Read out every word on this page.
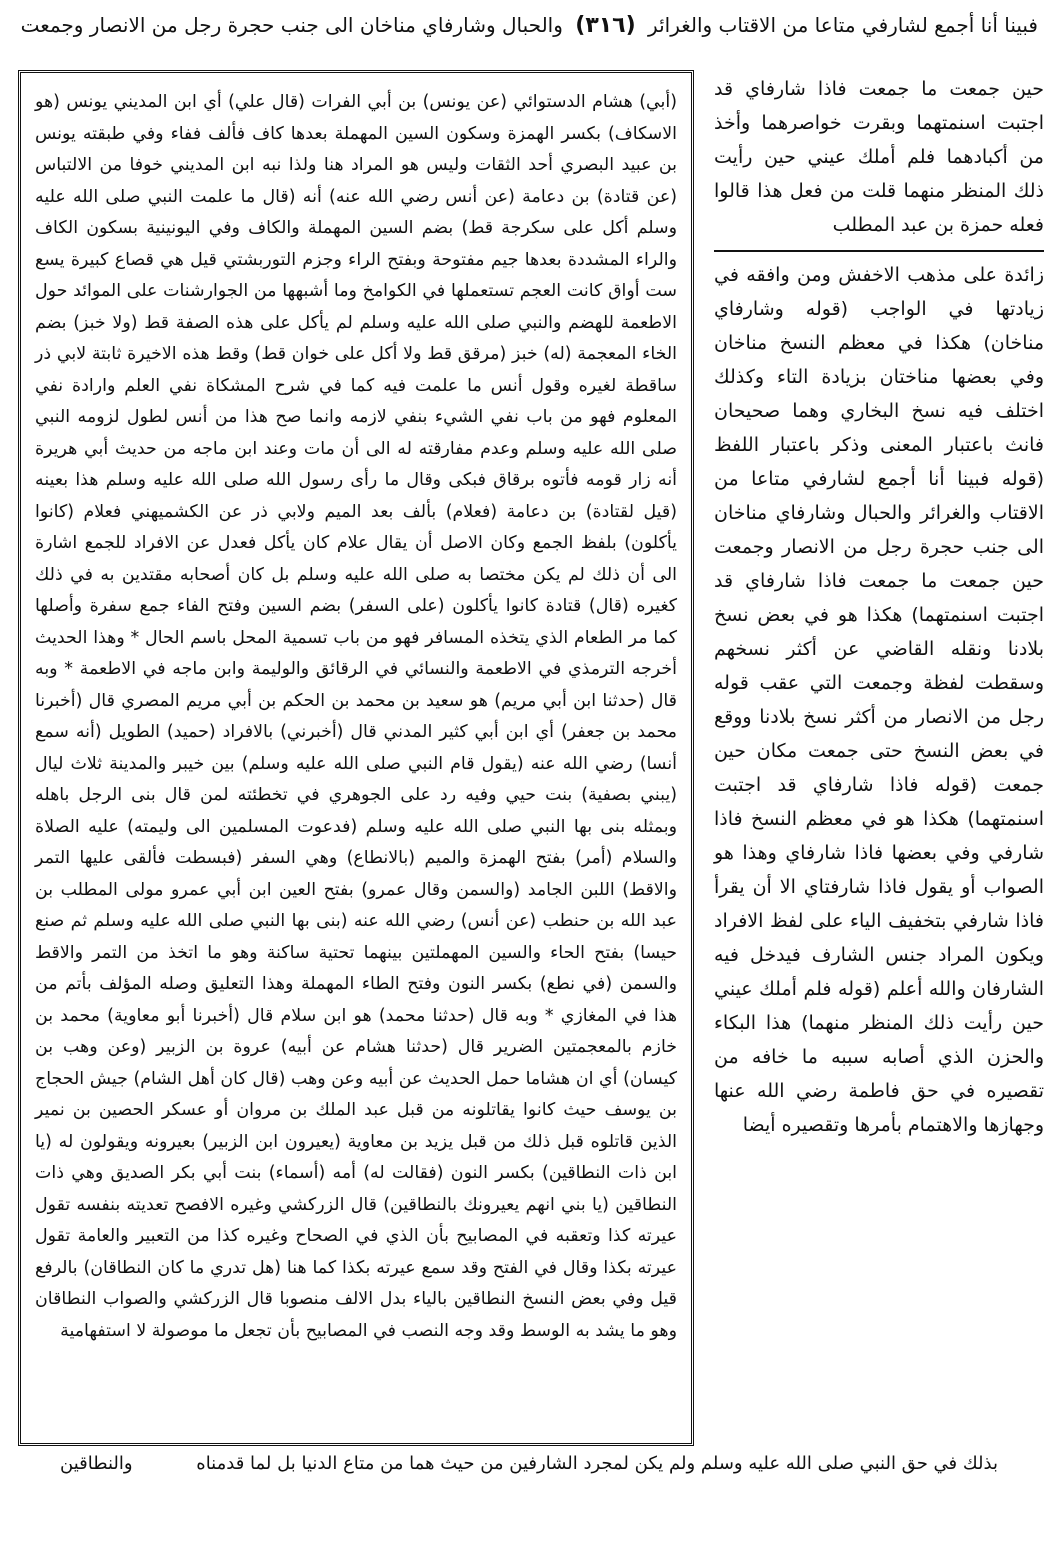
فبينا أنا أجمع لشارفي متاعا من الاقتاب والغرائر (٣١٦) والحبال وشارفاي مناخان الى جنب حجرة رجل من الانصار وجمعت

حين جمعت ما جمعت فاذا شارفاي قد اجتبت اسنمتهما وبقرت خواصرهما وأخذ من أكبادهما فلم أملك عيني حين رأيت ذلك المنظر منهما قلت من فعل هذا قالوا فعله حمزة بن عبد المطلب

زائدة على مذهب الاخفش ومن وافقه في زيادتها في الواجب (قوله وشارفاي مناخان) هكذا في معظم النسخ مناخان وفي بعضها مناختان بزيادة التاء وكذلك اختلف فيه نسخ البخاري وهما صحيحان فانث باعتبار المعنى وذكر باعتبار اللفظ (قوله فبينا أنا أجمع لشارفي متاعا من الاقتاب والغرائر والحبال وشارفاي مناخان الى جنب حجرة رجل من الانصار وجمعت حين جمعت ما جمعت فاذا شارفاي قد اجتبت اسنمتهما) هكذا هو في بعض نسخ بلادنا ونقله القاضي عن أكثر نسخهم وسقطت لفظة وجمعت التي عقب قوله رجل من الانصار من أكثر نسخ بلادنا ووقع في بعض النسخ حتى جمعت مكان حين جمعت (قوله فاذا شارفاي قد اجتبت اسنمتهما) هكذا هو في معظم النسخ فاذا شارفي وفي بعضها فاذا شارفاي وهذا هو الصواب أو يقول فاذا شارفتاي الا أن يقرأ فاذا شارفي بتخفيف الياء على لفظ الافراد ويكون المراد جنس الشارف فيدخل فيه الشارفان والله أعلم (قوله فلم أملك عيني حين رأيت ذلك المنظر منهما) هذا البكاء والحزن الذي أصابه سببه ما خافه من تقصيره في حق فاطمة رضي الله عنها وجهازها والاهتمام بأمرها وتقصيره أيضا

(أبي) هشام الدستوائي (عن يونس) بن أبي الفرات (قال علي) أي ابن المديني يونس (هو الاسكاف) بكسر الهمزة وسكون السين المهملة بعدها كاف فألف ففاء وفي طبقته يونس بن عبيد البصري أحد الثقات وليس هو المراد هنا ولذا نبه ابن المديني خوفا من الالتباس (عن قتادة) بن دعامة (عن أنس رضي الله عنه) أنه (قال ما علمت النبي صلى الله عليه وسلم أكل على سكرجة قط) بضم السين المهملة والكاف وفي اليونينية بسكون الكاف والراء المشددة بعدها جيم مفتوحة وبفتح الراء وجزم التوربشتي قيل هي قصاع كبيرة يسع ست أواق كانت العجم تستعملها في الكوامخ وما أشبهها من الجوارشنات على الموائد حول الاطعمة للهضم والنبي صلى الله عليه وسلم لم يأكل على هذه الصفة قط (ولا خبز) بضم الخاء المعجمة (له) خبز (مرقق قط ولا أكل على خوان قط) وقط هذه الاخيرة ثابتة لابي ذر ساقطة لغيره وقول أنس ما علمت فيه كما في شرح المشكاة نفي العلم وارادة نفي المعلوم فهو من باب نفي الشيء بنفي لازمه وانما صح هذا من أنس لطول لزومه النبي صلى الله عليه وسلم وعدم مفارقته له الى أن مات وعند ابن ماجه من حديث أبي هريرة أنه زار قومه فأتوه برقاق فبكى وقال ما رأى رسول الله صلى الله عليه وسلم هذا بعينه (قيل لقتادة) بن دعامة (فعلام) بألف بعد الميم ولابي ذر عن الكشميهني فعلام (كانوا يأكلون) بلفظ الجمع وكان الاصل أن يقال علام كان يأكل فعدل عن الافراد للجمع اشارة الى أن ذلك لم يكن مختصا به صلى الله عليه وسلم بل كان أصحابه مقتدين به في ذلك كغيره (قال) قتادة كانوا يأكلون (على السفر) بضم السين وفتح الفاء جمع سفرة وأصلها كما مر الطعام الذي يتخذه المسافر فهو من باب تسمية المحل باسم الحال * وهذا الحديث أخرجه الترمذي في الاطعمة والنسائي في الرقائق والوليمة وابن ماجه في الاطعمة * وبه قال (حدثنا ابن أبي مريم) هو سعيد بن محمد بن الحكم بن أبي مريم المصري قال (أخبرنا محمد بن جعفر) أي ابن أبي كثير المدني قال (أخبرني) بالافراد (حميد) الطويل (أنه سمع أنسا) رضي الله عنه (يقول قام النبي صلى الله عليه وسلم) بين خيبر والمدينة ثلاث ليال (يبني بصفية) بنت حيي وفيه رد على الجوهري في تخطئته لمن قال بنى الرجل باهله وبمثله بنى بها النبي صلى الله عليه وسلم (فدعوت المسلمين الى وليمته) عليه الصلاة والسلام (أمر) بفتح الهمزة والميم (بالانطاع) وهي السفر (فبسطت فألقى عليها التمر والاقط) اللبن الجامد (والسمن وقال عمرو) بفتح العين ابن أبي عمرو مولى المطلب بن عبد الله بن حنطب (عن أنس) رضي الله عنه (بنى بها النبي صلى الله عليه وسلم ثم صنع حيسا) بفتح الحاء والسين المهملتين بينهما تحتية ساكنة وهو ما اتخذ من التمر والاقط والسمن (في نطع) بكسر النون وفتح الطاء المهملة وهذا التعليق وصله المؤلف بأتم من هذا في المغازي * وبه قال (حدثنا محمد) هو ابن سلام قال (أخبرنا أبو معاوية) محمد بن خازم بالمعجمتين الضرير قال (حدثنا هشام عن أبيه) عروة بن الزبير (وعن وهب بن كيسان) أي ان هشاما حمل الحديث عن أبيه وعن وهب (قال كان أهل الشام) جيش الحجاج بن يوسف حيث كانوا يقاتلونه من قبل عبد الملك بن مروان أو عسكر الحصين بن نمير الذين قاتلوه قبل ذلك من قبل يزيد بن معاوية (يعيرون ابن الزبير) بعيرونه ويقولون له (يا ابن ذات النطاقين) بكسر النون (فقالت له) أمه (أسماء) بنت أبي بكر الصديق وهي ذات النطاقين (يا بني انهم يعيرونك بالنطاقين) قال الزركشي وغيره الافصح تعديته بنفسه تقول عيرته كذا وتعقبه في المصابيح بأن الذي في الصحاح وغيره كذا من التعبير والعامة تقول عيرته بكذا وقال في الفتح وقد سمع عيرته بكذا كما هنا (هل تدري ما كان النطاقان) بالرفع قيل وفي بعض النسخ النطاقين بالياء بدل الالف منصوبا قال الزركشي والصواب النطاقان وهو ما يشد به الوسط وقد وجه النصب في المصابيح بأن تجعل ما موصولة لا استفهامية

بذلك في حق النبي صلى الله عليه وسلم ولم يكن لمجرد الشارفين من حيث هما من متاع الدنيا بل لما قدمناه
والنطاقين
